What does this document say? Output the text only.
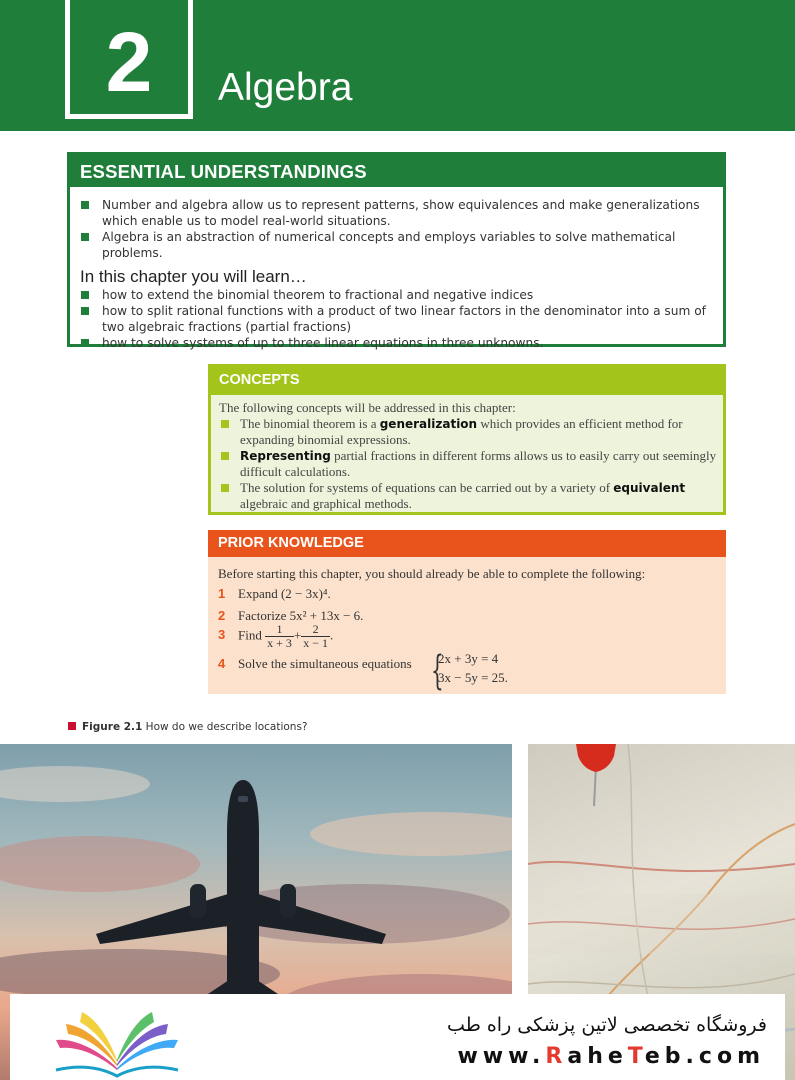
2 Algebra
ESSENTIAL UNDERSTANDINGS
Number and algebra allow us to represent patterns, show equivalences and make generalizations which enable us to model real-world situations.
Algebra is an abstraction of numerical concepts and employs variables to solve mathematical problems.
In this chapter you will learn…
how to extend the binomial theorem to fractional and negative indices
how to split rational functions with a product of two linear factors in the denominator into a sum of two algebraic fractions (partial fractions)
how to solve systems of up to three linear equations in three unknowns.
CONCEPTS
The following concepts will be addressed in this chapter:
The binomial theorem is a generalization which provides an efficient method for expanding binomial expressions.
Representing partial fractions in different forms allows us to easily carry out seemingly difficult calculations.
The solution for systems of equations can be carried out by a variety of equivalent algebraic and graphical methods.
PRIOR KNOWLEDGE
Before starting this chapter, you should already be able to complete the following:
1 Expand (2 − 3x)⁴.
2 Factorize 5x² + 13x − 6.
3 Find $\frac{1}{x + 3} + \frac{2}{x - 1}$ .
4 Solve the simultaneous equations {
2x + 3y = 4
3x − 5y = 25.
Figure 2.1 How do we describe locations?
فروشگاه تخصصی لاتین پزشکی راه طب
www.RaheTeb.com
